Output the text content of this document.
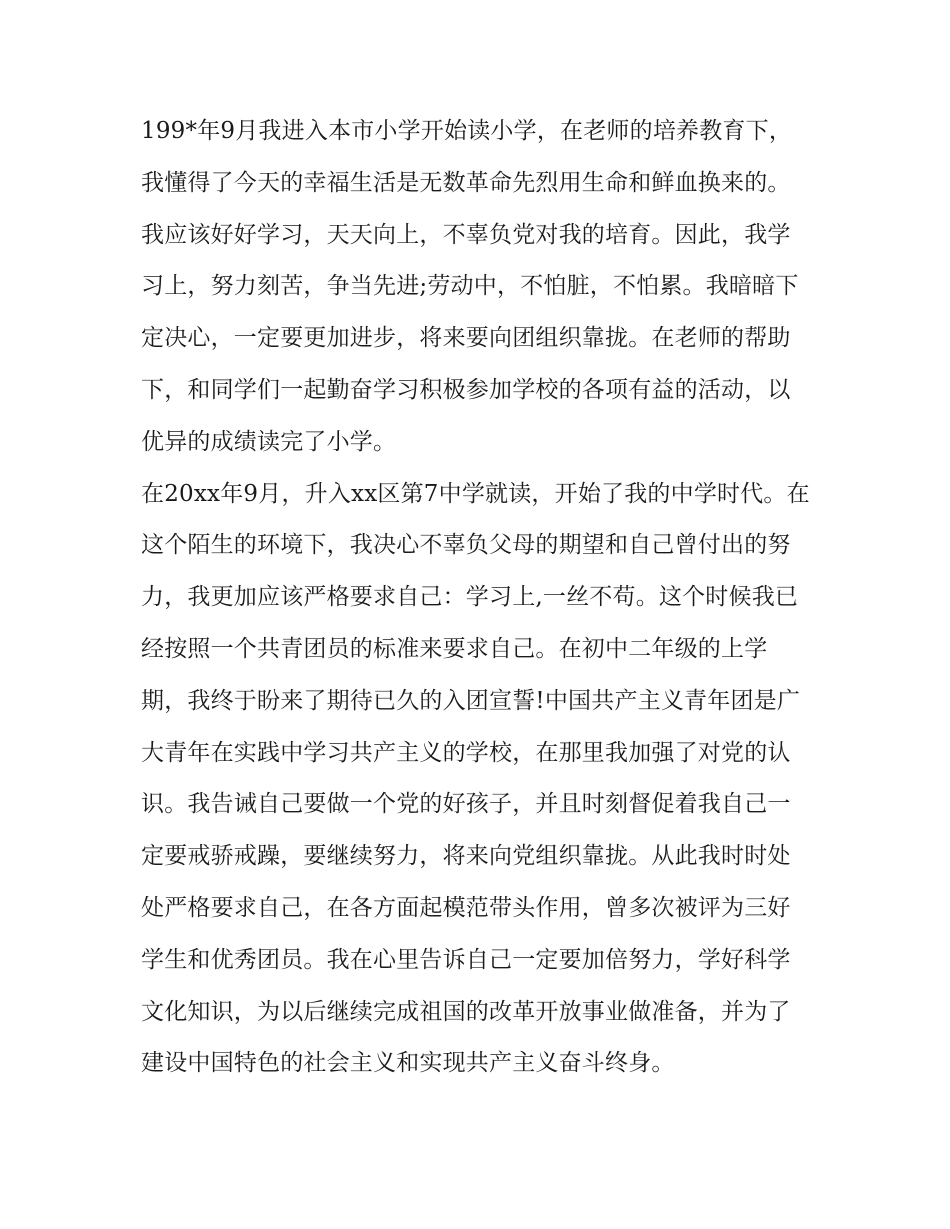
199*年9月我进入本市小学开始读小学，在老师的培养教育下，我懂得了今天的幸福生活是无数革命先烈用生命和鲜血换来的。我应该好好学习，天天向上，不辜负党对我的培育。因此，我学习上，努力刻苦，争当先进;劳动中，不怕脏，不怕累。我暗暗下定决心，一定要更加进步，将来要向团组织靠拢。在老师的帮助下，和同学们一起勤奋学习积极参加学校的各项有益的活动，以优异的成绩读完了小学。

在20xx年9月，升入xx区第7中学就读，开始了我的中学时代。在这个陌生的环境下，我决心不辜负父母的期望和自己曾付出的努力，我更加应该严格要求自己：学习上,一丝不苟。这个时候我已经按照一个共青团员的标准来要求自己。在初中二年级的上学期，我终于盼来了期待已久的入团宣誓!中国共产主义青年团是广大青年在实践中学习共产主义的学校，在那里我加强了对党的认识。我告诫自己要做一个党的好孩子，并且时刻督促着我自己一定要戒骄戒躁，要继续努力，将来向党组织靠拢。从此我时时处处严格要求自己，在各方面起模范带头作用，曾多次被评为三好学生和优秀团员。我在心里告诉自己一定要加倍努力，学好科学文化知识，为以后继续完成祖国的改革开放事业做准备，并为了建设中国特色的社会主义和实现共产主义奋斗终身。
